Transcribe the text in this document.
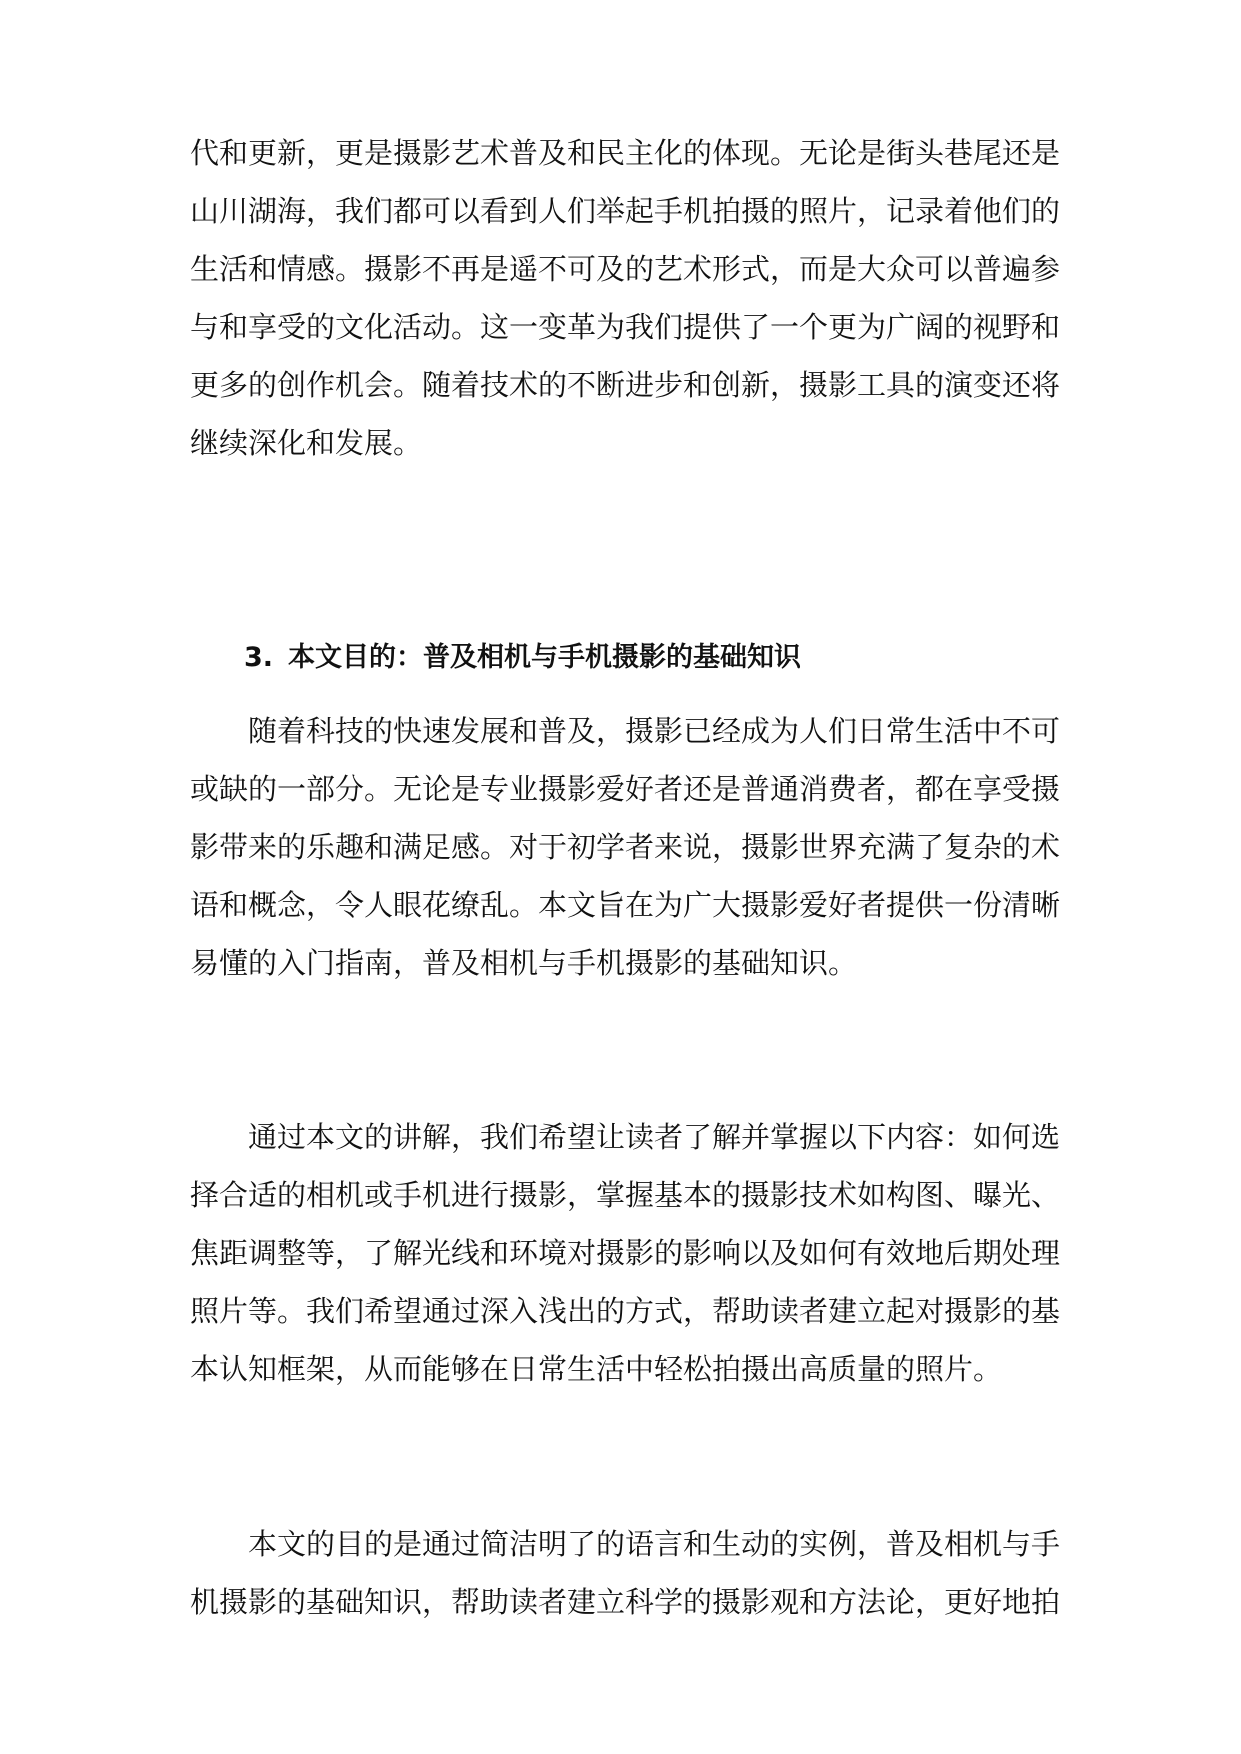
代和更新，更是摄影艺术普及和民主化的体现。无论是街头巷尾还是
山川湖海，我们都可以看到人们举起手机拍摄的照片，记录着他们的
生活和情感。摄影不再是遥不可及的艺术形式，而是大众可以普遍参
与和享受的文化活动。这一变革为我们提供了一个更为广阔的视野和
更多的创作机会。随着技术的不断进步和创新，摄影工具的演变还将
继续深化和发展。
3. 本文目的：普及相机与手机摄影的基础知识
随着科技的快速发展和普及，摄影已经成为人们日常生活中不可
或缺的一部分。无论是专业摄影爱好者还是普通消费者，都在享受摄
影带来的乐趣和满足感。对于初学者来说，摄影世界充满了复杂的术
语和概念，令人眼花缭乱。本文旨在为广大摄影爱好者提供一份清晰
易懂的入门指南，普及相机与手机摄影的基础知识。
通过本文的讲解，我们希望让读者了解并掌握以下内容：如何选
择合适的相机或手机进行摄影，掌握基本的摄影技术如构图、曝光、
焦距调整等，了解光线和环境对摄影的影响以及如何有效地后期处理
照片等。我们希望通过深入浅出的方式，帮助读者建立起对摄影的基
本认知框架，从而能够在日常生活中轻松拍摄出高质量的照片。
本文的目的是通过简洁明了的语言和生动的实例，普及相机与手
机摄影的基础知识，帮助读者建立科学的摄影观和方法论，更好地拍
